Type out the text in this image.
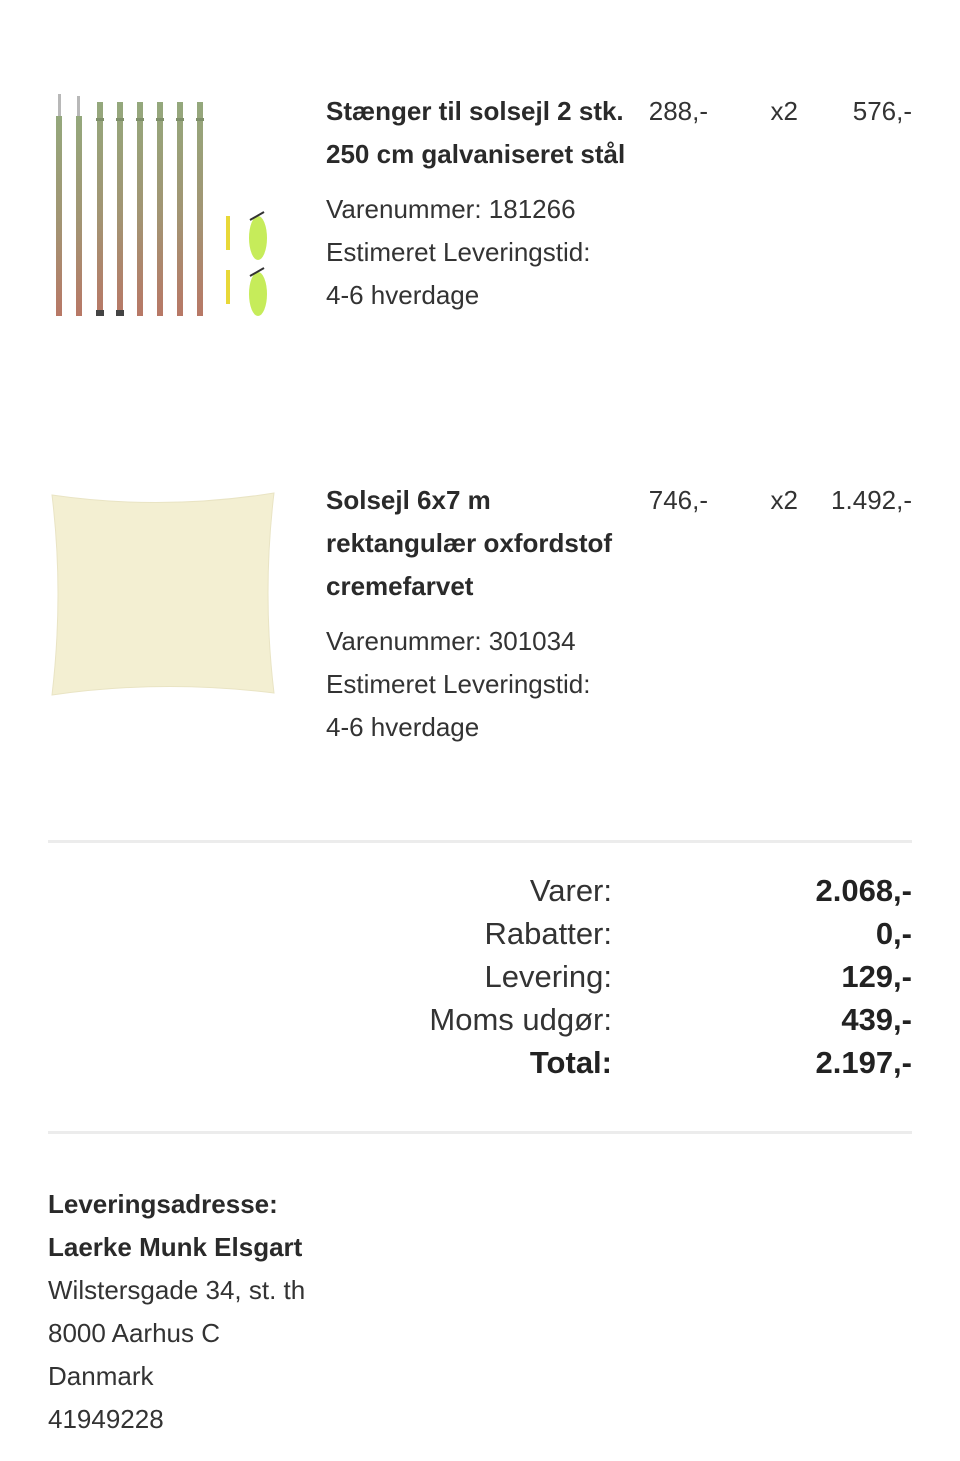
Stænger til solsejl 2 stk. 250 cm galvaniseret stål
Varenummer: 181266
Estimeret Leveringstid:
4-6 hverdage
288,-	x2	576,-
Solsejl 6x7 m rektangulær oxfordstof cremefarvet
Varenummer: 301034
Estimeret Leveringstid:
4-6 hverdage
746,-	x2	1.492,-
Varer:	2.068,-
Rabatter:	0,-
Levering:	129,-
Moms udgør:	439,-
Total:	2.197,-
Leveringsadresse:
Laerke Munk Elsgart
Wilstersgade 34, st. th
8000 Aarhus C
Danmark
41949228
